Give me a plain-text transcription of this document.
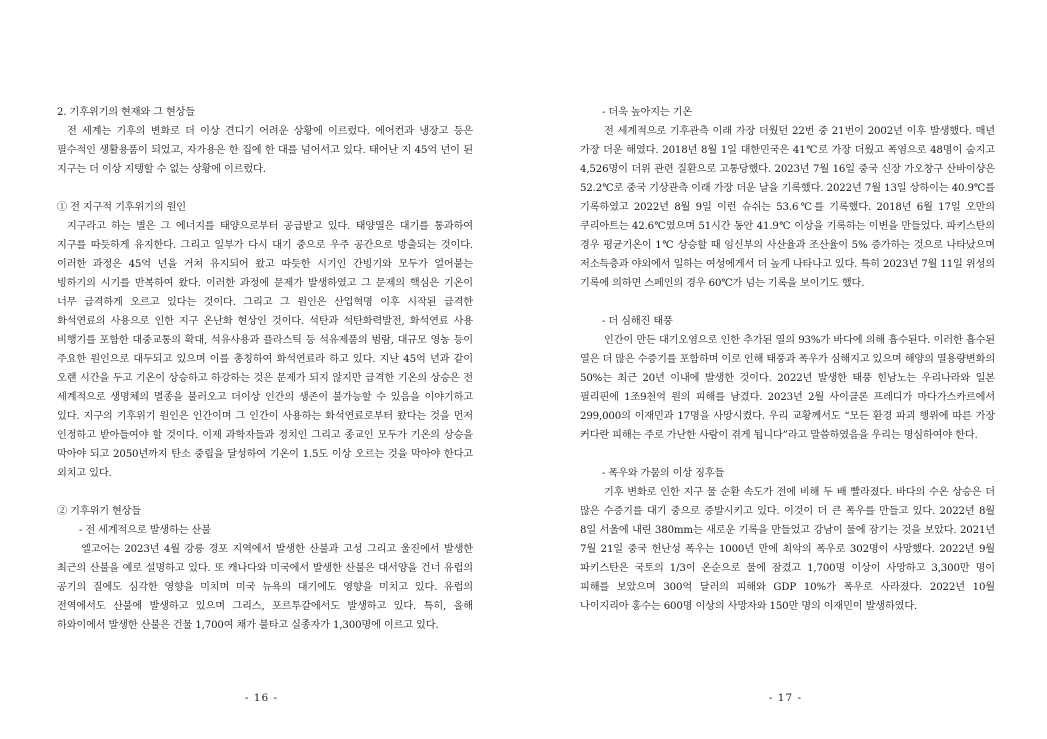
2. 기후위기의 현재와 그 현상들

전 세계는 기후의 변화로 더 이상 견디기 어려운 상황에 이르렀다. 에어컨과 냉장고 등은 필수적인 생활용품이 되었고, 자가용은 한 집에 한 대를 넘어서고 있다. 태어난 지 45억 년이 된 지구는 더 이상 지탱할 수 없는 상황에 이르렀다.

① 전 지구적 기후위기의 원인

지구라고 하는 별은 그 에너지를 태양으로부터 공급받고 있다. 태양열은 대기를 통과하여 지구를 따듯하게 유지한다. 그리고 일부가 다시 대기 중으로 우주 공간으로 방출되는 것이다. 이러한 과정은 45억 년을 거쳐 유지되어 왔고 따듯한 시기인 간빙기와 모두가 얼어붙는 빙하기의 시기를 반복하여 왔다. 이러한 과정에 문제가 발생하였고 그 문제의 핵심은 기온이 너무 급격하게 오르고 있다는 것이다. 그리고 그 원인은 산업혁명 이후 시작된 급격한 화석연료의 사용으로 인한 지구 온난화 현상인 것이다. 석탄과 석탄화력발전, 화석연료 사용 비행기를 포함한 대중교통의 확대, 석유사용과 플라스틱 등 석유제품의 범람, 대규모 영농 등이 주요한 원인으로 대두되고 있으며 이를 총칭하여 화석연료라 하고 있다. 지난 45억 년과 같이 오랜 시간을 두고 기온이 상승하고 하강하는 것은 문제가 되지 않지만 급격한 기온의 상승은 전 세계적으로 생명체의 멸종을 불러오고 더이상 인간의 생존이 불가능할 수 있음을 이야기하고 있다. 지구의 기후위기 원인은 인간이며 그 인간이 사용하는 화석연료로부터 왔다는 것을 먼저 인정하고 받아들여야 할 것이다. 이제 과학자들과 정치인 그리고 종교인 모두가 기온의 상승을 막아야 되고 2050년까지 탄소 중립을 달성하여 기온이 1.5도 이상 오르는 것을 막아야 한다고 외치고 있다.

② 기후위기 현상들

- 전 세계적으로 발생하는 산불

엘고어는 2023년 4월 강릉 경포 지역에서 발생한 산불과 고성 그리고 울진에서 발생한 최근의 산불을 예로 설명하고 있다. 또 캐나다와 미국에서 발생한 산불은 대서양을 건너 유럽의 공기의 질에도 심각한 영향을 미치며 미국 뉴욕의 대기에도 영향을 미치고 있다. 유럽의 전역에서도 산불에 발생하고 있으며 그리스, 포르투갈에서도 발생하고 있다. 특히, 올해 하와이에서 발생한 산불은 건물 1,700여 채가 불타고 실종자가 1,300명에 이르고 있다.

- 16 -

- 더욱 높아지는 기온

전 세계적으로 기후관측 이래 가장 더웠던 22번 중 21번이 2002년 이후 발생했다. 매년 가장 더운 해였다. 2018년 8월 1일 대한민국은 41℃로 가장 더웠고 폭염으로 48명이 숨지고 4,526명이 더위 관련 질환으로 고통당했다. 2023년 7월 16일 중국 신장 가오창구 산바이샹은 52.2℃로 중국 기상관측 이래 가장 더운 날을 기록했다. 2022년 7월 13일 상하이는 40.9℃를 기록하였고 2022년 8월 9일 이런 슈쉬는 53.6℃를 기록했다. 2018년 6월 17일 오만의 쿠리아트는 42.6℃였으며 51시간 동안 41.9℃ 이상을 기록하는 이변을 만들었다. 파키스탄의 경우 평균기온이 1℃ 상승할 때 임신부의 사산율과 조산율이 5% 증가하는 것으로 나타났으며 저소득층과 야외에서 일하는 여성에게서 더 높게 나타나고 있다. 특히 2023년 7월 11일 위성의 기록에 의하면 스페인의 경우 60℃가 넘는 기록을 보이기도 했다.

- 더 심해진 태풍

인간이 만든 대기오염으로 인한 추가된 열의 93%가 바다에 의해 흡수된다. 이러한 흡수된 열은 더 많은 수증기를 포함하며 이로 인해 태풍과 폭우가 심해지고 있으며 해양의 열용량변화의 50%는 최근 20년 이내에 발생한 것이다. 2022년 발생한 태풍 힌남노는 우리나라와 일본 필리핀에 1조9천억 원의 피해를 남겼다. 2023년 2월 사이클론 프레디가 마다가스카르에서 299,000의 이재민과 17명을 사망시켰다. 우리 교황께서도 “모든 환경 파괴 행위에 따른 가장 커다란 피해는 주로 가난한 사람이 겪게 됩니다”라고 말씀하였음을 우리는 명심하여야 한다.

- 폭우와 가뭄의 이상 징후들

기후 변화로 인한 지구 물 순환 속도가 전에 비해 두 배 빨라졌다. 바다의 수온 상승은 더 많은 수증기를 대기 중으로 증발시키고 있다. 이것이 더 큰 폭우를 만들고 있다. 2022년 8월 8일 서울에 내린 380mm는 새로운 기록을 만들었고 강남이 물에 잠기는 것을 보았다. 2021년 7월 21일 중국 헌난성 폭우는 1000년 만에 최악의 폭우로 302명이 사망했다. 2022년 9월 파키스탄은 국토의 1/3이 온순으로 물에 잠겼고 1,700명 이상이 사망하고 3,300만 명이 피해를 보았으며 300억 달러의 피해와 GDP 10%가 폭우로 사라졌다. 2022년 10월 나이지리아 홍수는 600명 이상의 사망자와 150만 명의 이재민이 발생하였다.

- 17 -
